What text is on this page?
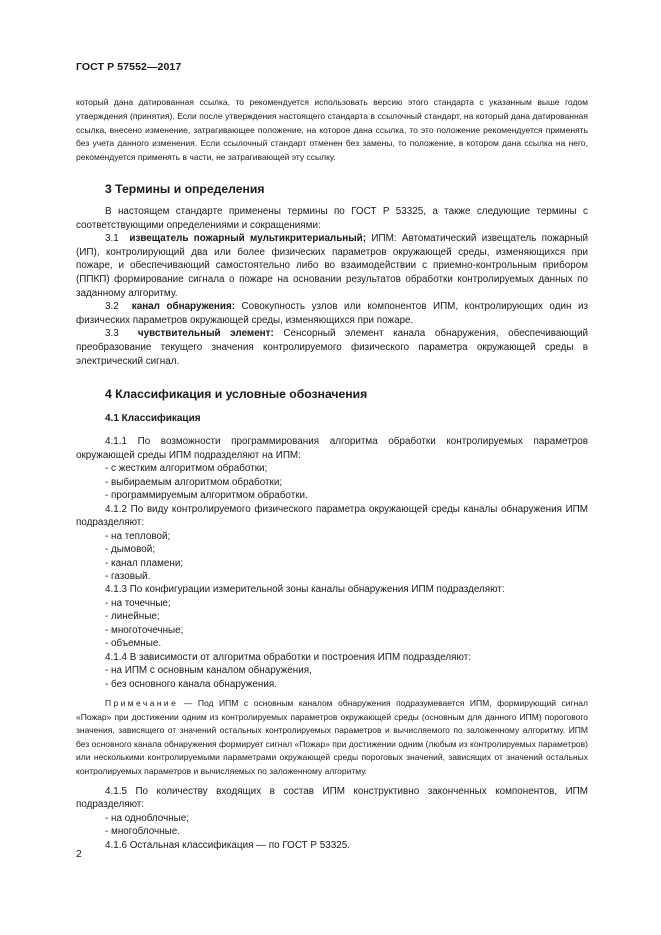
ГОСТ Р 57552—2017

который дана датированная ссылка, то рекомендуется использовать версию этого стандарта с указанным выше годом утверждения (принятия). Если после утверждения настоящего стандарта в ссылочный стандарт, на который дана датированная ссылка, внесено изменение, затрагивающее положение, на которое дана ссылка, то это положение рекомендуется применять без учета данного изменения. Если ссылочный стандарт отменен без замены, то положение, в котором дана ссылка на него, рекомендуется применять в части, не затрагивающей эту ссылку.

3 Термины и определения

В настоящем стандарте применены термины по ГОСТ Р 53325, а также следующие термины с соответствующими определениями и сокращениями:

3.1 извещатель пожарный мультикритериальный; ИПМ: Автоматический извещатель пожарный (ИП), контролирующий два или более физических параметров окружающей среды, изменяющихся при пожаре, и обеспечивающий самостоятельно либо во взаимодействии с приемно-контрольным прибором (ППКП) формирование сигнала о пожаре на основании результатов обработки контролируемых данных по заданному алгоритму.

3.2 канал обнаружения: Совокупность узлов или компонентов ИПМ, контролирующих один из физических параметров окружающей среды, изменяющихся при пожаре.

3.3 чувствительный элемент: Сенсорный элемент канала обнаружения, обеспечивающий преобразование текущего значения контролируемого физического параметра окружающей среды в электрический сигнал.

4 Классификация и условные обозначения
4.1 Классификация

4.1.1 По возможности программирования алгоритма обработки контролируемых параметров окружающей среды ИПМ подразделяют на ИПМ:

- с жестким алгоритмом обработки;

- выбираемым алгоритмом обработки;

- программируемым алгоритмом обработки.

4.1.2 По виду контролируемого физического параметра окружающей среды каналы обнаружения ИПМ подразделяют:

- на тепловой;

- дымовой;

- канал пламени;

- газовый.

4.1.3 По конфигурации измерительной зоны каналы обнаружения ИПМ подразделяют:

- на точечные;

- линейные;

- многоточечные;

- объемные.

4.1.4 В зависимости от алгоритма обработки и построения ИПМ подразделяют:

- на ИПМ с основным каналом обнаружения,

- без основного канала обнаружения.

Примечание — Под ИПМ с основным каналом обнаружения подразумевается ИПМ, формирующий сигнал «Пожар» при достижении одним из контролируемых параметров окружающей среды (основным для данного ИПМ) порогового значения, зависящего от значений остальных контролируемых параметров и вычисляемого по заложенному алгоритму. ИПМ без основного канала обнаружения формирует сигнал «Пожар» при достижении одним (любым из контролируемых параметров) или несколькими контролируемыми параметрами окружающей среды пороговых значений, зависящих от значений остальных контролируемых параметров и вычисляемых по заложенному алгоритму.

4.1.5 По количеству входящих в состав ИПМ конструктивно законченных компонентов, ИПМ подразделяют:

- на одноблочные;

- многоблочные.

4.1.6 Остальная классификация — по ГОСТ Р 53325.

2
